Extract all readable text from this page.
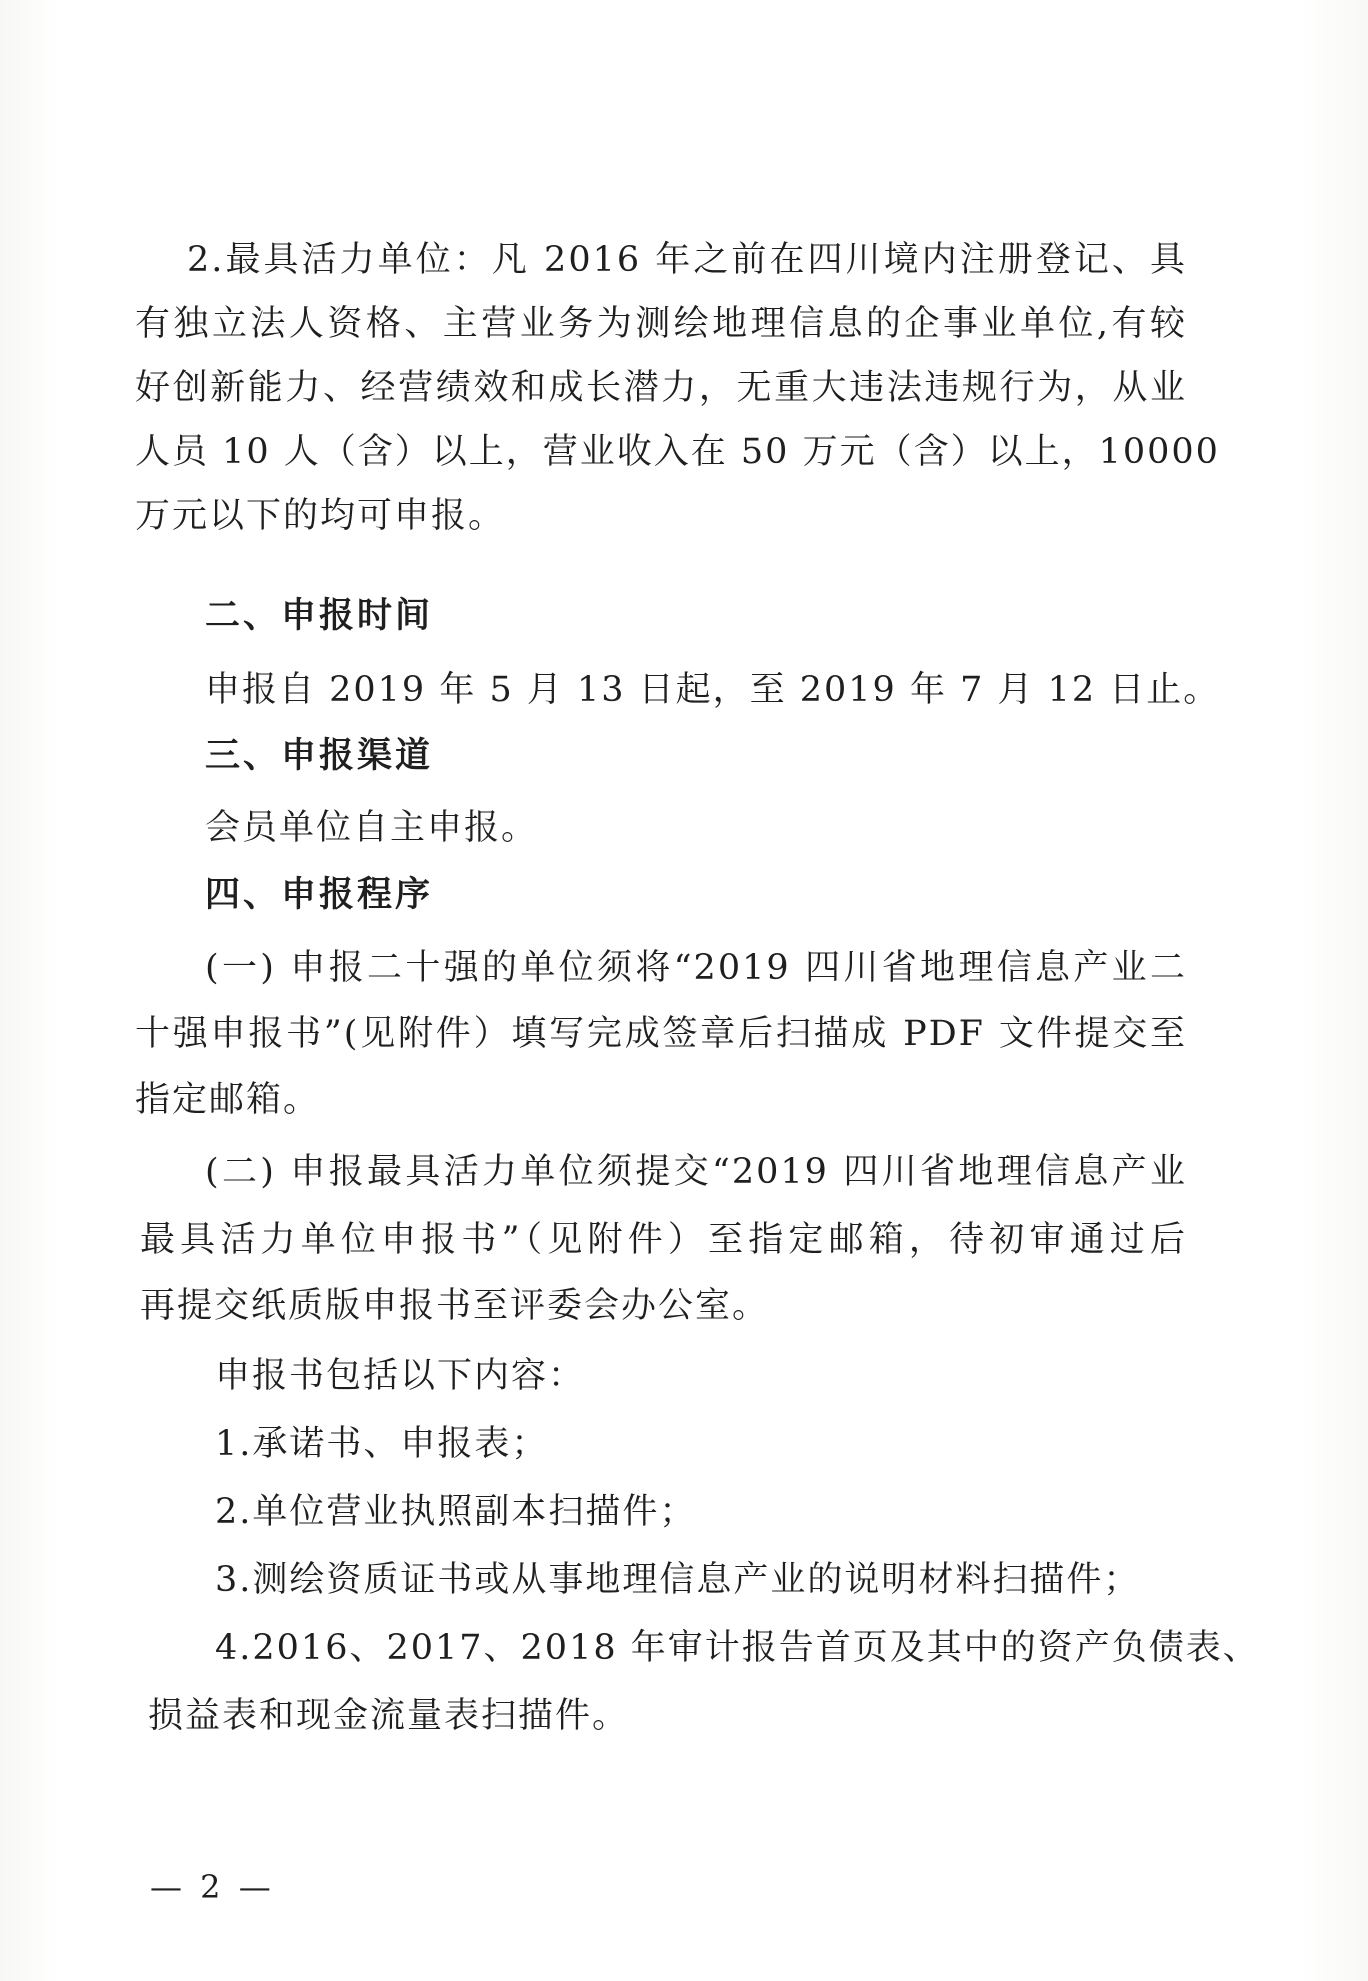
2.最具活力单位：凡 2016 年之前在四川境内注册登记、具
有独立法人资格、主营业务为测绘地理信息的企事业单位,有较
好创新能力、经营绩效和成长潜力，无重大违法违规行为，从业
人员 10 人（含）以上，营业收入在 50 万元（含）以上，10000
万元以下的均可申报。
二、申报时间
申报自 2019 年 5 月 13 日起，至 2019 年 7 月 12 日止。
三、申报渠道
会员单位自主申报。
四、申报程序
(一) 申报二十强的单位须将“2019 四川省地理信息产业二
十强申报书”(见附件）填写完成签章后扫描成 PDF 文件提交至
指定邮箱。
(二) 申报最具活力单位须提交“2019 四川省地理信息产业
最具活力单位申报书”（见附件）至指定邮箱，待初审通过后
再提交纸质版申报书至评委会办公室。
申报书包括以下内容：
1.承诺书、申报表；
2.单位营业执照副本扫描件；
3.测绘资质证书或从事地理信息产业的说明材料扫描件；
4.2016、2017、2018 年审计报告首页及其中的资产负债表、
损益表和现金流量表扫描件。
— 2 —
